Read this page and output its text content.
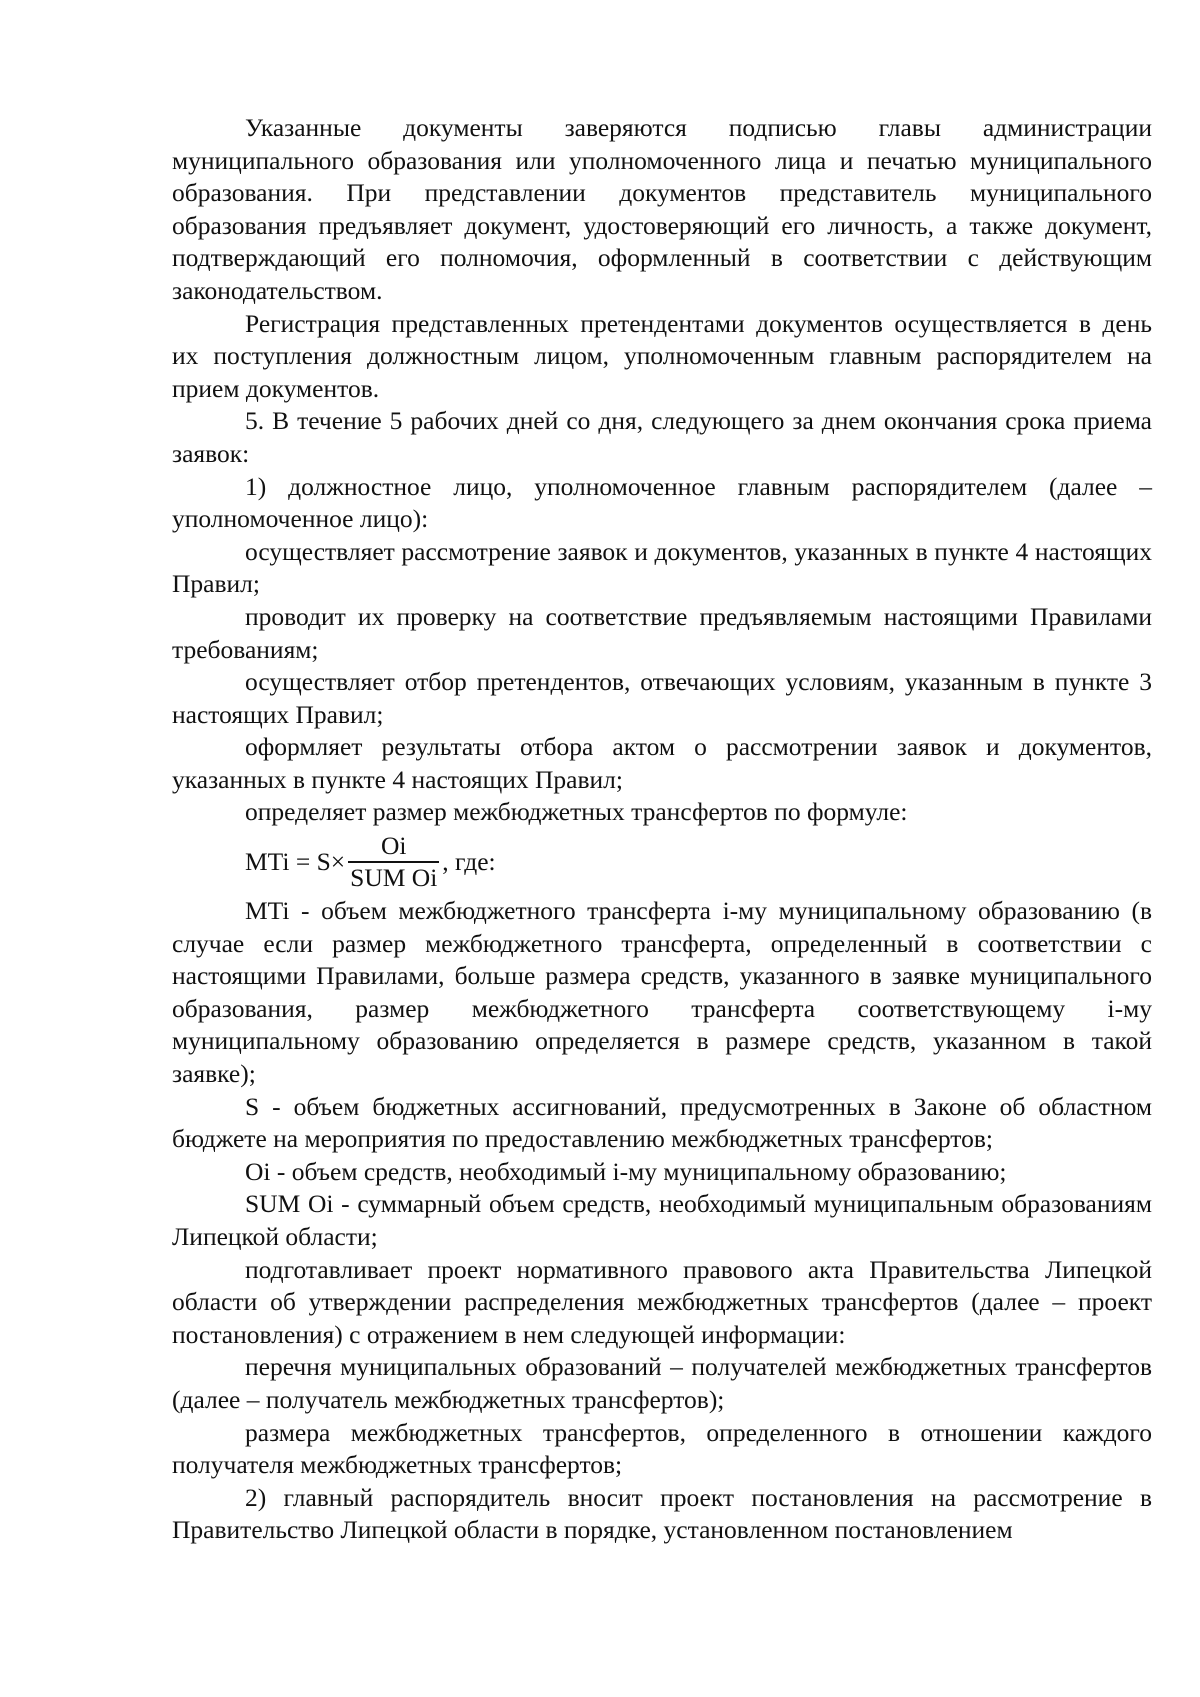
Указанные документы заверяются подписью главы администрации муниципального образования или уполномоченного лица и печатью муниципального образования. При представлении документов представитель муниципального образования предъявляет документ, удостоверяющий его личность, а также документ, подтверждающий его полномочия, оформленный в соответствии с действующим законодательством.

Регистрация представленных претендентами документов осуществляется в день их поступления должностным лицом, уполномоченным главным распорядителем на прием документов.

5. В течение 5 рабочих дней со дня, следующего за днем окончания срока приема заявок:

1) должностное лицо, уполномоченное главным распорядителем (далее – уполномоченное лицо):

осуществляет рассмотрение заявок и документов, указанных в пункте 4 настоящих Правил;

проводит их проверку на соответствие предъявляемым настоящими Правилами требованиям;

осуществляет отбор претендентов, отвечающих условиям, указанным в пункте 3 настоящих Правил;

оформляет результаты отбора актом о рассмотрении заявок и документов, указанных в пункте 4 настоящих Правил;

определяет размер межбюджетных трансфертов по формуле:

MTi = $S\times \frac{Oi}{\text{SUM Oi}}$ , где:

MTi - объем межбюджетного трансферта i-му муниципальному образованию (в случае если размер межбюджетного трансферта, определенный в соответствии с настоящими Правилами, больше размера средств, указанного в заявке муниципального образования, размер межбюджетного трансферта соответствующему i-му муниципальному образованию определяется в размере средств, указанном в такой заявке);

S - объем бюджетных ассигнований, предусмотренных в Законе об областном бюджете на мероприятия по предоставлению межбюджетных трансфертов;

Oi - объем средств, необходимый i-му муниципальному образованию;

SUM Oi - суммарный объем средств, необходимый муниципальным образованиям Липецкой области;

подготавливает проект нормативного правового акта Правительства Липецкой области об утверждении распределения межбюджетных трансфертов (далее – проект постановления) с отражением в нем следующей информации:

перечня муниципальных образований – получателей межбюджетных трансфертов (далее – получатель межбюджетных трансфертов);

размера межбюджетных трансфертов, определенного в отношении каждого получателя межбюджетных трансфертов;

2) главный распорядитель вносит проект постановления на рассмотрение в Правительство Липецкой области в порядке, установленном постановлением
